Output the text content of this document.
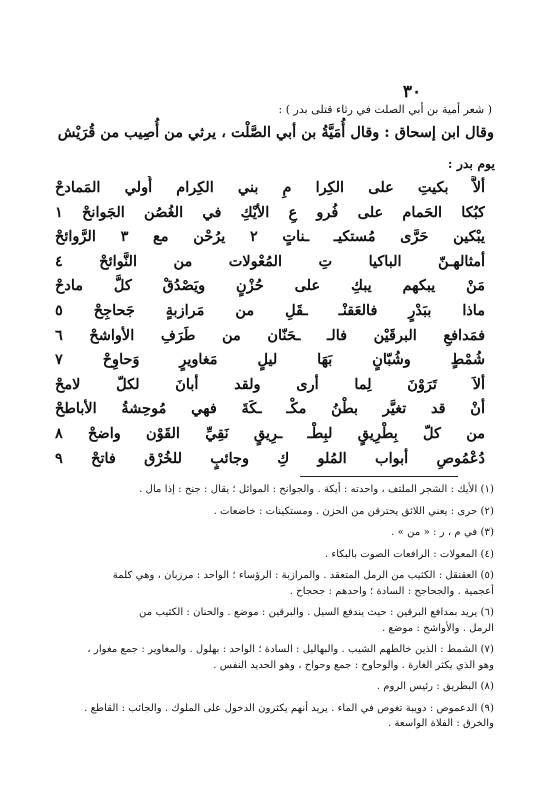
٣٠
( شعر أمية بن أبي الصلت في رثاء قتلى بدر ) :
وقال ابن إسحاق : وقال أُمَيَّةُ بن أبي الصَّلْت ، يرثي من أُصِيب من قُرَيْش
يوم بدر :
ألاَّ بكيتِ على الكِرا مِ بني الكِرام أُولي المَمادحْ
كبُكا الحَمام على فُرو عِ الأيْكِ في الغُصُن الجَوانحْ ١
يبْكين حَرَّى مُستكيـ ـناتٍ ٢ يرُحْن مع ٣ الرَّوائحْ
أمثالهـنّ الباكيا تِ المُعْولات من النَّوائحْ ٤
مَنْ يبكهم يبكِ على حُزْنٍ ويَصْدُقْ كلَّ مادحْ
ماذا ببَدْرٍ فالعَقنْـ ـقَلِ من مَرازبةٍ جَحاجِحْ ٥
فمَدافعِ البرقَيْن فالـ ـحَنّان من طَرَفِ الأواشحْ ٦
شُمْطٍ وشُبّانٍ بَهَا ليلٍ مَغاويرٍ وَحاوِحْ ٧
ألاَ تَرَوْنَ لِما أرى ولقد أبانَ لكلّ لامحْ
أنْ قد تغيَّر بطْنُ مكْـ ـكَةَ فهي مُوحِشةُ الأباطحْ
من كلّ بِطْرِيقٍ لبِطْـ ـرِيقٍ نَقِيِّ القَوْن واضحْ ٨
دُعْمُوصِ أبواب المُلو كِ وجائبٍ للخُرْق فاتحْ ٩

(١) الأيك : الشجر الملتف ، واحدته : أيكة . والجوانح : الموائل ؛ يقال : جنح : إذا مال .

(٢) حرى : يعني اللائق يحترقن من الحزن . ومستكينات : خاضعات .

(٣) في م ، ر : « من » .

(٤) المعولات : الرافعات الصوت بالبكاء .

(٥) العقنقل : الكثيب من الرمل المتعقد . والمرازبة : الرؤساء ؛ الواحد : مرزبان ، وهي كلمة
أعجمية . والجحاجح : السادة ؛ واحدهم : جحجاح .

(٦) يريد بمدافع البرقين : حيث يندفع السيل . والبرقين : موضع . والحنان : الكثيب من
الرمل . والأواشح : موضع .

(٧) الشمط : الذين خالطهم الشيب . والبهاليل : السادة ؛ الواحد : بهلول . والمغاوير : جمع مغوار ،
وهو الذي يكثر الغارة . والوحاوح : جمع وحواح ، وهو الحديد النفس .

(٨) البطريق : رئيس الروم .

(٩) الدعموص : دويبة تغوص في الماء . يريد أنهم يكثرون الدخول على الملوك . والجائب : القاطع .
والخرق : الفلاة الواسعة .
